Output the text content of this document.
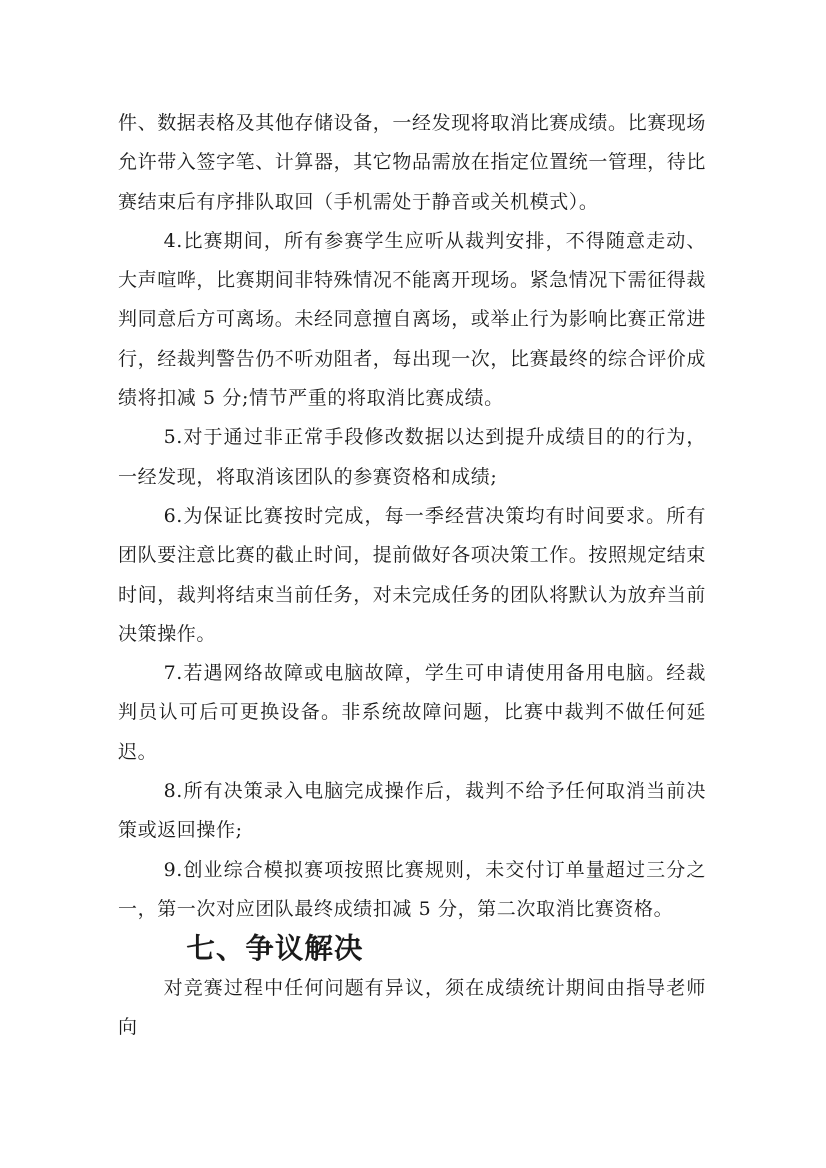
件、数据表格及其他存储设备，一经发现将取消比赛成绩。比赛现场允许带入签字笔、计算器，其它物品需放在指定位置统一管理，待比赛结束后有序排队取回（手机需处于静音或关机模式）。

4.比赛期间，所有参赛学生应听从裁判安排，不得随意走动、大声喧哗，比赛期间非特殊情况不能离开现场。紧急情况下需征得裁判同意后方可离场。未经同意擅自离场，或举止行为影响比赛正常进行，经裁判警告仍不听劝阻者，每出现一次，比赛最终的综合评价成绩将扣减 5 分;情节严重的将取消比赛成绩。

5.对于通过非正常手段修改数据以达到提升成绩目的的行为，一经发现，将取消该团队的参赛资格和成绩;

6.为保证比赛按时完成，每一季经营决策均有时间要求。所有团队要注意比赛的截止时间，提前做好各项决策工作。按照规定结束时间，裁判将结束当前任务，对未完成任务的团队将默认为放弃当前决策操作。

7.若遇网络故障或电脑故障，学生可申请使用备用电脑。经裁判员认可后可更换设备。非系统故障问题，比赛中裁判不做任何延迟。

8.所有决策录入电脑完成操作后，裁判不给予任何取消当前决策或返回操作;

9.创业综合模拟赛项按照比赛规则，未交付订单量超过三分之一，第一次对应团队最终成绩扣减 5 分，第二次取消比赛资格。

七、争议解决

对竞赛过程中任何问题有异议，须在成绩统计期间由指导老师向
